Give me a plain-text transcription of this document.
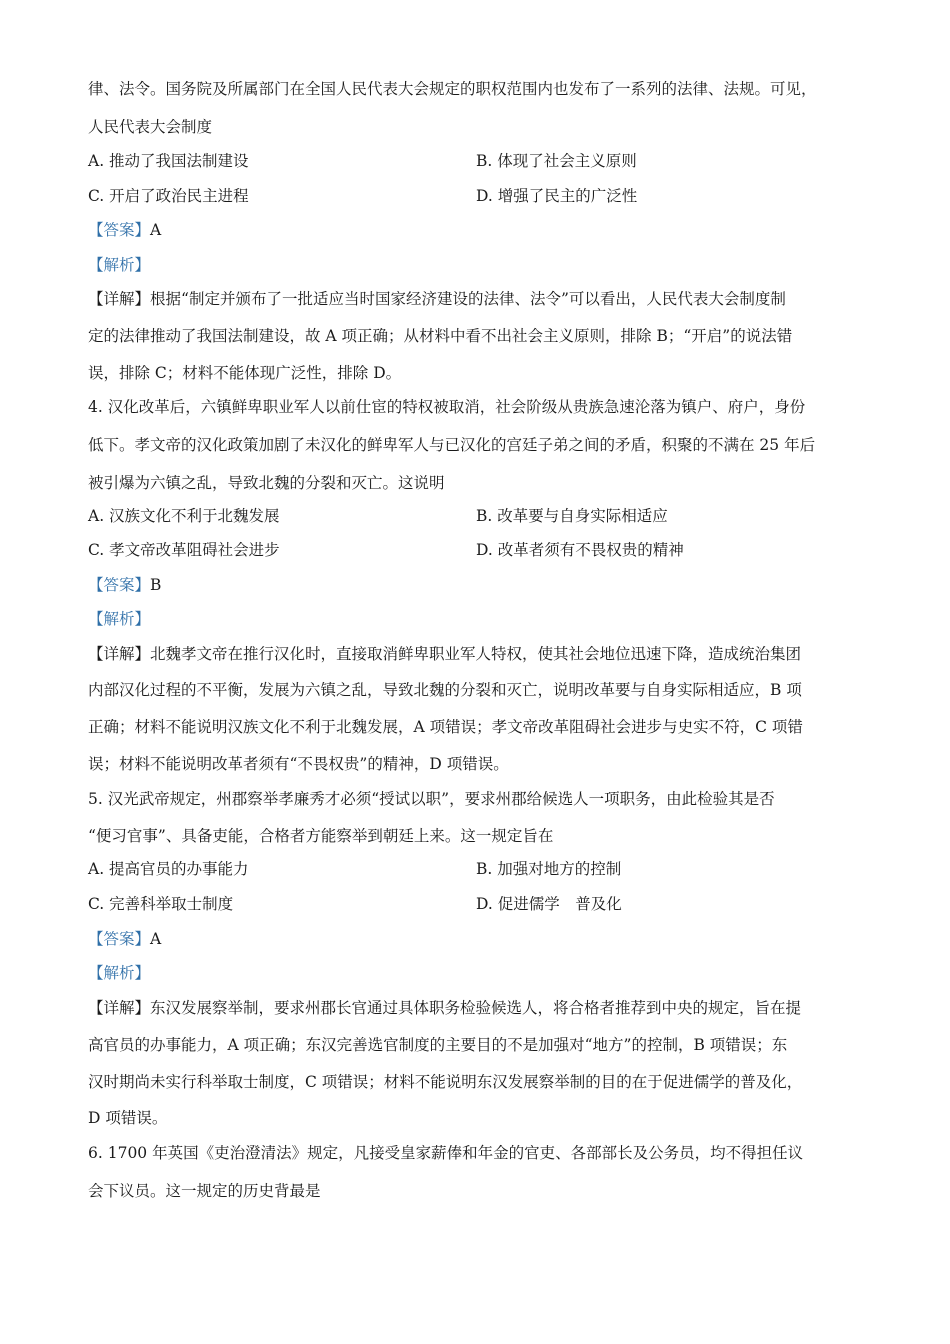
律、法令。国务院及所属部门在全国人民代表大会规定的职权范围内也发布了一系列的法律、法规。可见，
人民代表大会制度
A. 推动了我国法制建设	B. 体现了社会主义原则
C. 开启了政治民主进程	D. 增强了民主的广泛性
【答案】A
【解析】
【详解】根据“制定并颁布了一批适应当时国家经济建设的法律、法令”可以看出，人民代表大会制度制
定的法律推动了我国法制建设，故 A 项正确；从材料中看不出社会主义原则，排除 B；“开启”的说法错
误，排除 C；材料不能体现广泛性，排除 D。
4. 汉化改革后，六镇鲜卑职业军人以前仕宦的特权被取消，社会阶级从贵族急速沦落为镇户、府户，身份
低下。孝文帝的汉化政策加剧了未汉化的鲜卑军人与已汉化的宫廷子弟之间的矛盾，积聚的不满在 25 年后
被引爆为六镇之乱，导致北魏的分裂和灭亡。这说明
A. 汉族文化不利于北魏发展	B. 改革要与自身实际相适应
C. 孝文帝改革阻碍社会进步	D. 改革者须有不畏权贵的精神
【答案】B
【解析】
【详解】北魏孝文帝在推行汉化时，直接取消鲜卑职业军人特权，使其社会地位迅速下降，造成统治集团
内部汉化过程的不平衡，发展为六镇之乱，导致北魏的分裂和灭亡，说明改革要与自身实际相适应，B 项
正确；材料不能说明汉族文化不利于北魏发展，A 项错误；孝文帝改革阻碍社会进步与史实不符，C 项错
误；材料不能说明改革者须有“不畏权贵”的精神，D 项错误。
5. 汉光武帝规定，州郡察举孝廉秀才必须“授试以职”，要求州郡给候选人一项职务，由此检验其是否
“便习官事”、具备吏能，合格者方能察举到朝廷上来。这一规定旨在
A. 提高官员的办事能力	B. 加强对地方的控制
C. 完善科举取士制度	D. 促进儒学　普及化
【答案】A
【解析】
【详解】东汉发展察举制，要求州郡长官通过具体职务检验候选人，将合格者推荐到中央的规定，旨在提
高官员的办事能力，A 项正确；东汉完善选官制度的主要目的不是加强对“地方”的控制，B 项错误；东
汉时期尚未实行科举取士制度，C 项错误；材料不能说明东汉发展察举制的目的在于促进儒学的普及化，
D 项错误。
6. 1700 年英国《吏治澄清法》规定，凡接受皇家薪俸和年金的官吏、各部部长及公务员，均不得担任议
会下议员。这一规定的历史背最是
